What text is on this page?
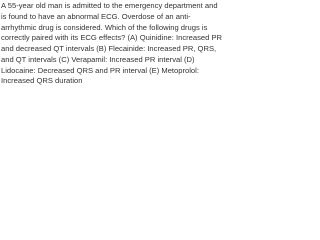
A 55-year old man is admitted to the emergency department and
is found to have an abnormal ECG. Overdose of an anti-
arrhythmic drug is considered. Which of the following drugs is
correctly paired with its ECG effects? (A) Quinidine: Increased PR
and decreased QT intervals (B) Flecainide: Increased PR, QRS,
and QT intervals (C) Verapamil: Increased PR interval (D)
Lidocaine: Decreased QRS and PR interval (E) Metoprolol:
Increased QRS duration
